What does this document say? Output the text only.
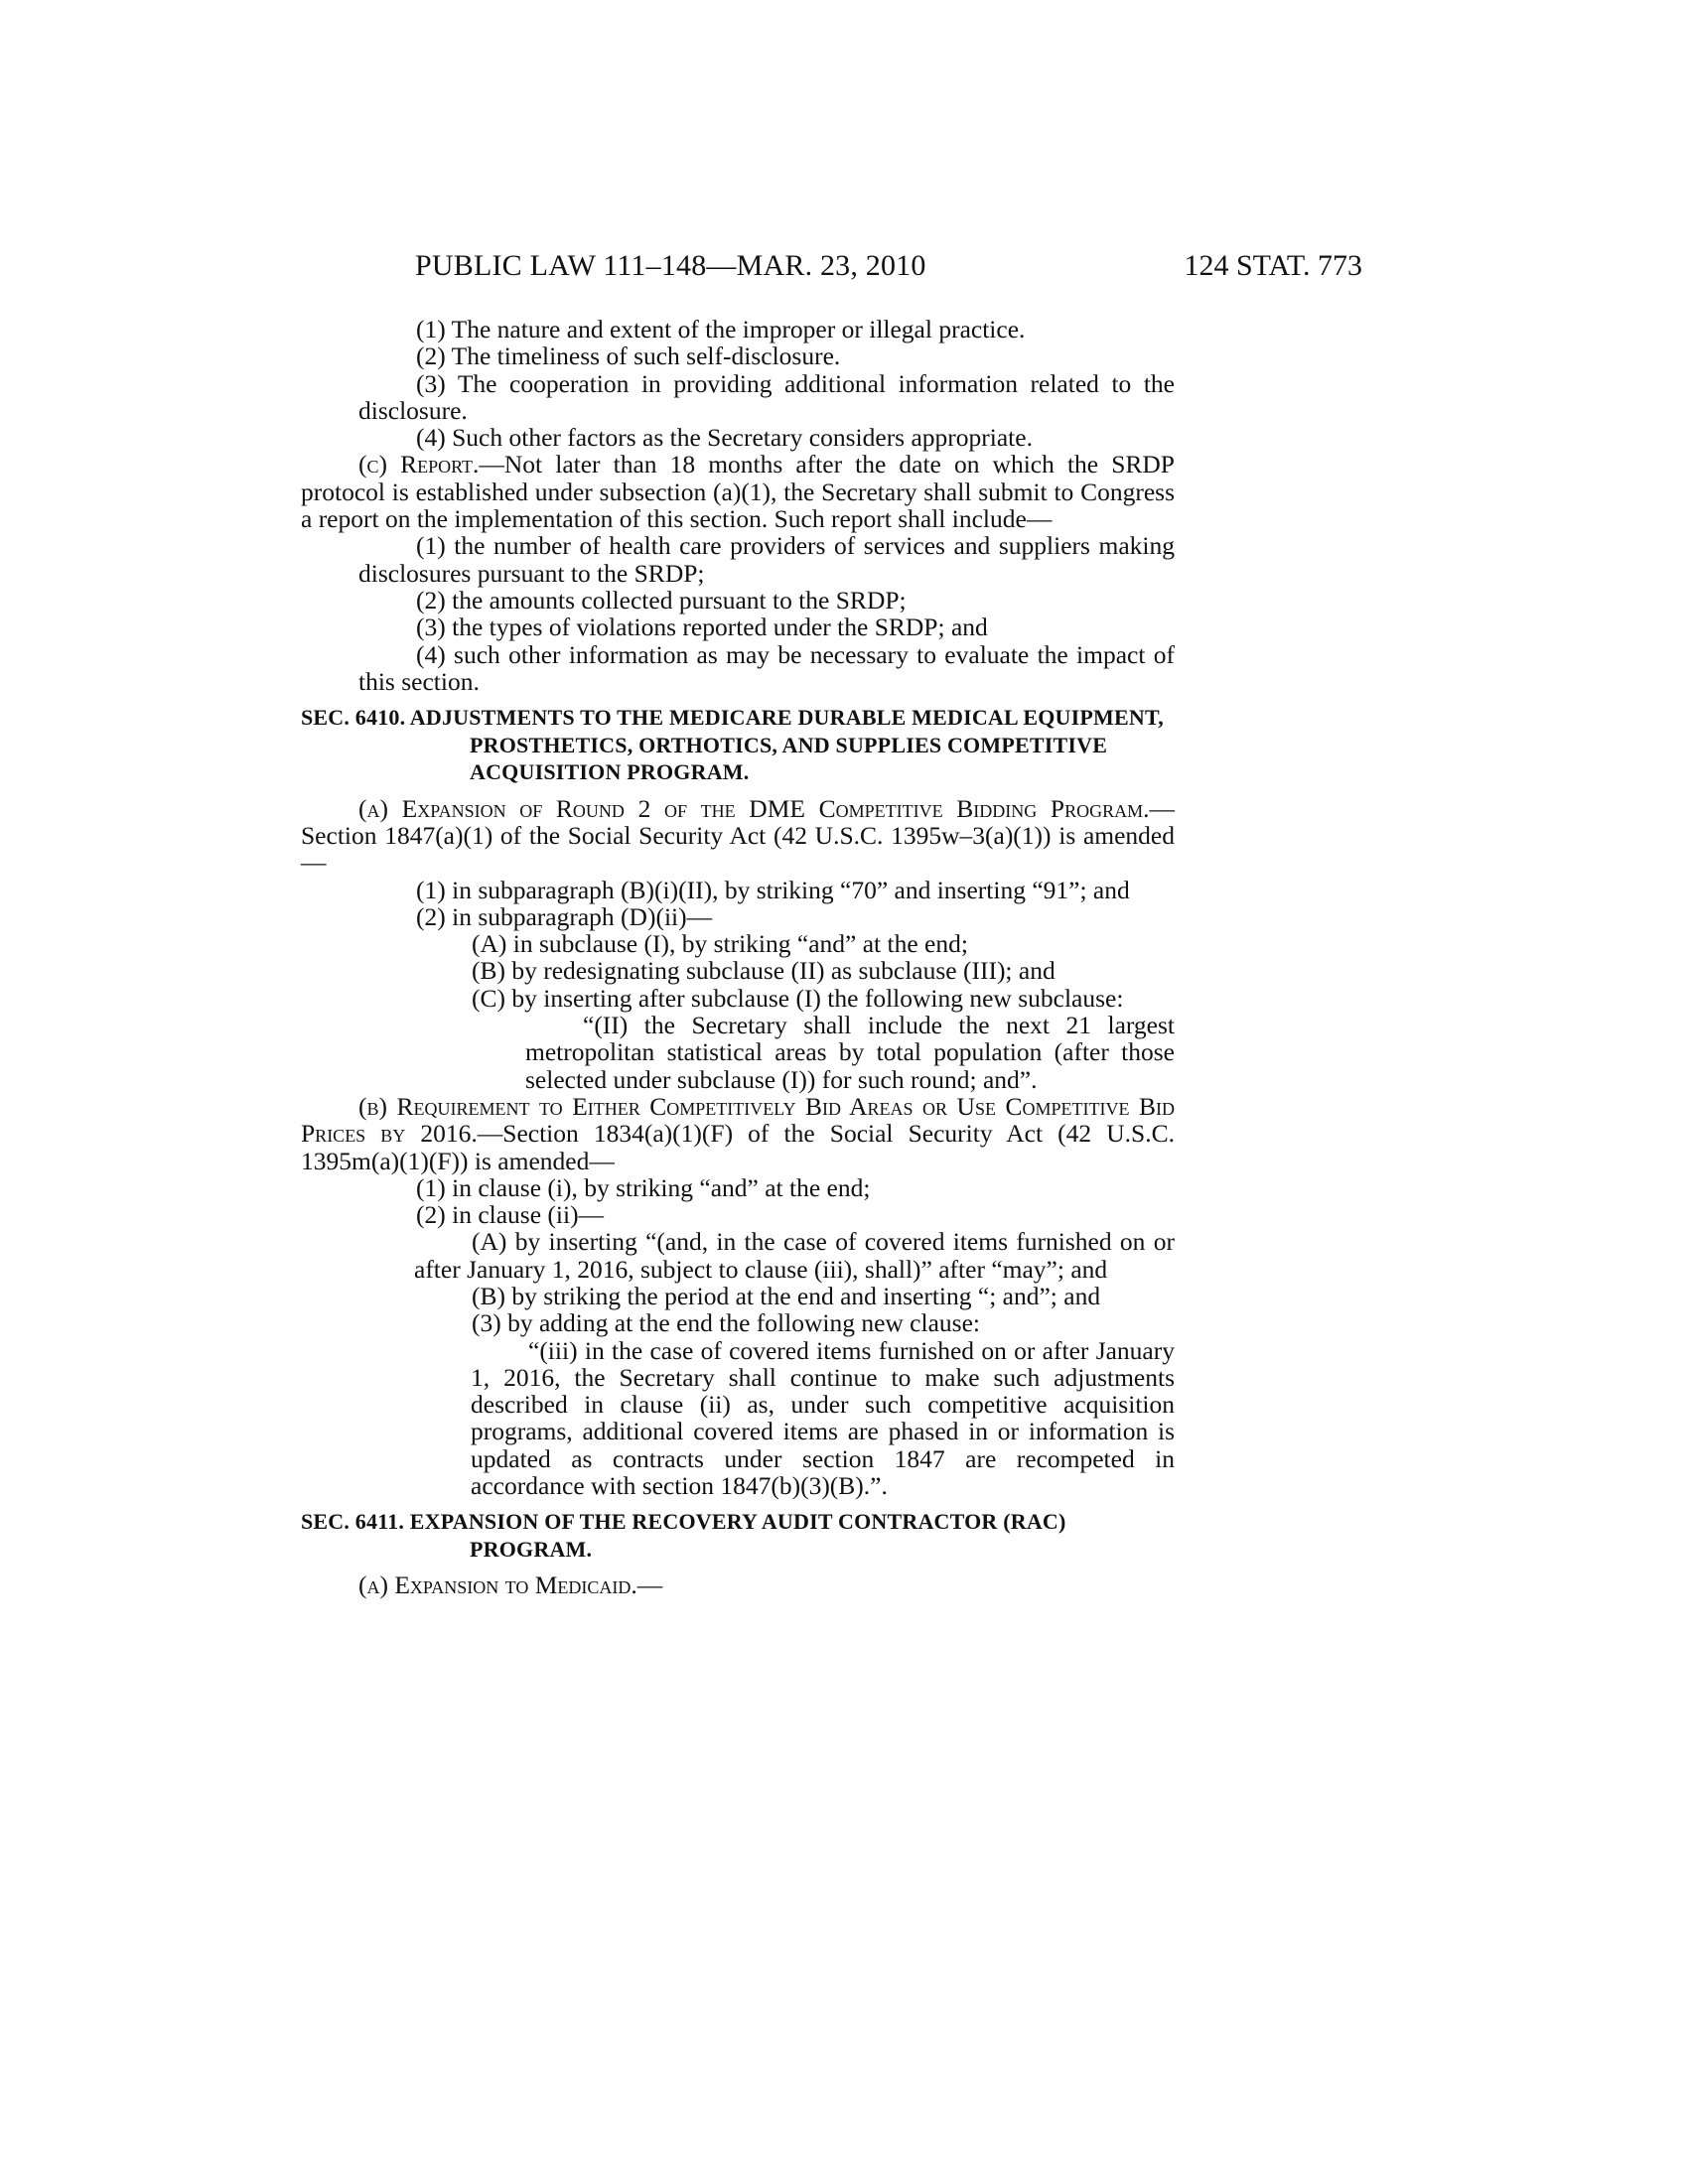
PUBLIC LAW 111–148—MAR. 23, 2010	124 STAT. 773

(1) The nature and extent of the improper or illegal practice.

(2) The timeliness of such self-disclosure.

(3) The cooperation in providing additional information related to the disclosure.

(4) Such other factors as the Secretary considers appropriate.

(c) Report.—Not later than 18 months after the date on which the SRDP protocol is established under subsection (a)(1), the Secretary shall submit to Congress a report on the implementation of this section. Such report shall include—

(1) the number of health care providers of services and suppliers making disclosures pursuant to the SRDP;

(2) the amounts collected pursuant to the SRDP;

(3) the types of violations reported under the SRDP; and

(4) such other information as may be necessary to evaluate the impact of this section.

SEC. 6410. ADJUSTMENTS TO THE MEDICARE DURABLE MEDICAL EQUIPMENT, PROSTHETICS, ORTHOTICS, AND SUPPLIES COMPETITIVE ACQUISITION PROGRAM.

(a) Expansion of Round 2 of the DME Competitive Bidding Program.—Section 1847(a)(1) of the Social Security Act (42 U.S.C. 1395w–3(a)(1)) is amended—

(1) in subparagraph (B)(i)(II), by striking “70” and inserting “91”; and

(2) in subparagraph (D)(ii)—

(A) in subclause (I), by striking “and” at the end;

(B) by redesignating subclause (II) as subclause (III); and

(C) by inserting after subclause (I) the following new subclause:

“(II) the Secretary shall include the next 21 largest metropolitan statistical areas by total population (after those selected under subclause (I)) for such round; and”.

(b) Requirement to Either Competitively Bid Areas or Use Competitive Bid Prices by 2016.—Section 1834(a)(1)(F) of the Social Security Act (42 U.S.C. 1395m(a)(1)(F)) is amended—

(1) in clause (i), by striking “and” at the end;

(2) in clause (ii)—

(A) by inserting “(and, in the case of covered items furnished on or after January 1, 2016, subject to clause (iii), shall)” after “may”; and

(B) by striking the period at the end and inserting “; and”; and

(3) by adding at the end the following new clause:

“(iii) in the case of covered items furnished on or after January 1, 2016, the Secretary shall continue to make such adjustments described in clause (ii) as, under such competitive acquisition programs, additional covered items are phased in or information is updated as contracts under section 1847 are recompeted in accordance with section 1847(b)(3)(B).”.

SEC. 6411. EXPANSION OF THE RECOVERY AUDIT CONTRACTOR (RAC) PROGRAM.

(a) Expansion to Medicaid.—
